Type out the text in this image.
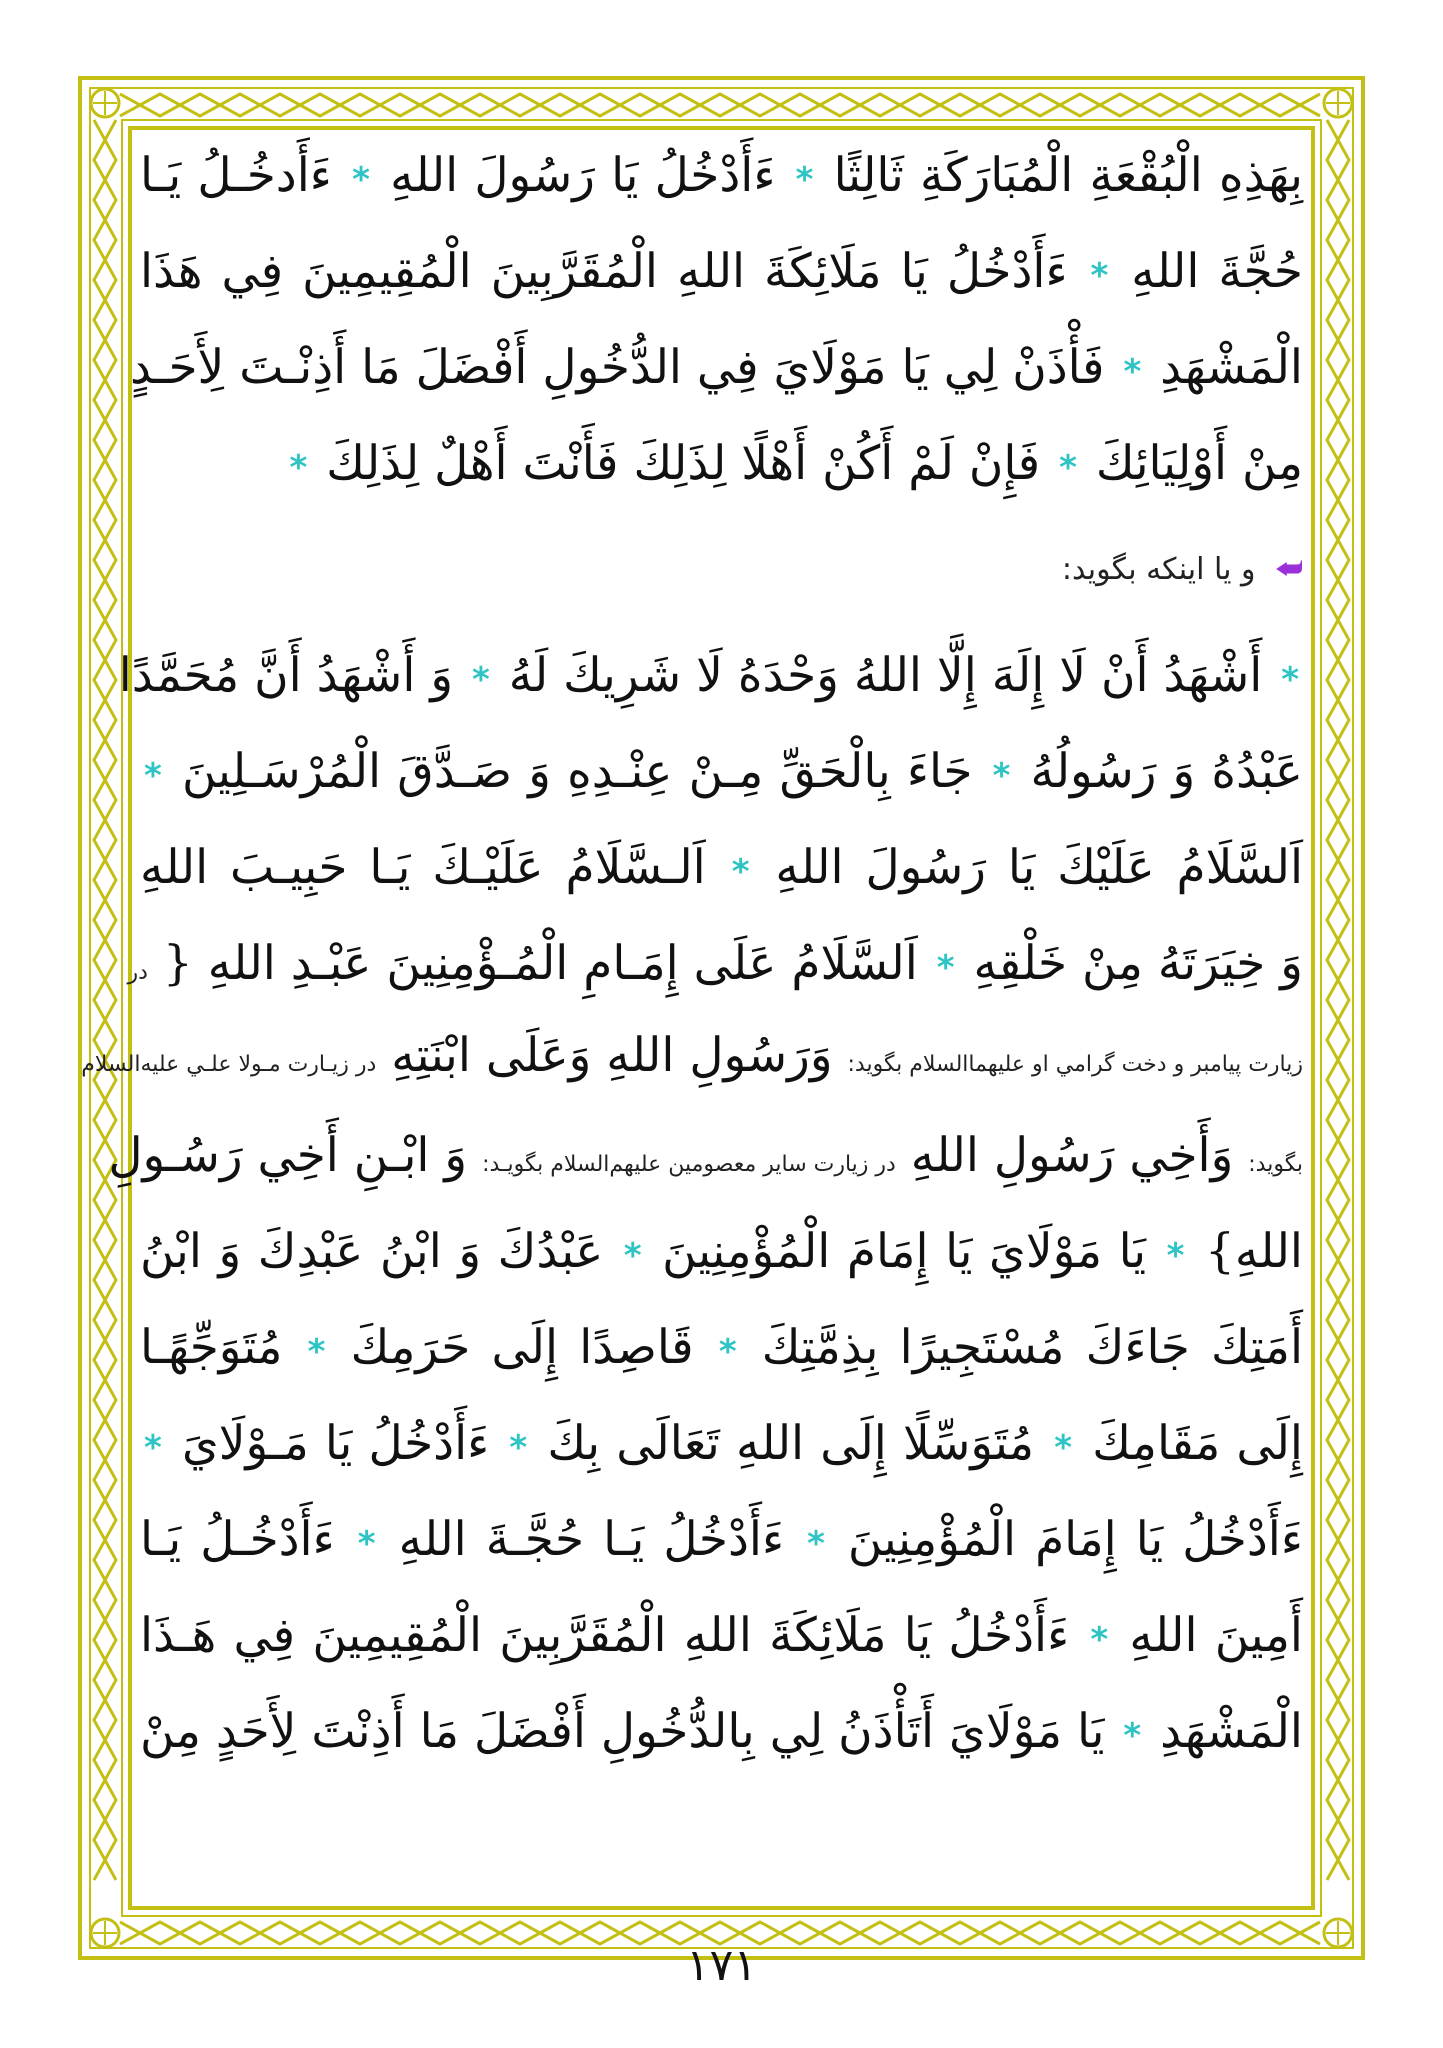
⮨ و يا اينكه بگويد:
بِهَذِهِ الْبُقْعَةِ الْمُبَارَكَةِ ثَالِثًا * ءَأَدْخُلُ يَا رَسُولَ اللهِ * ءَأَدخُـلُ يَـا
حُجَّةَ اللهِ * ءَأَدْخُلُ يَا مَلَائِكَةَ اللهِ الْمُقَرَّبِينَ الْمُقِيمِينَ فِي هَذَا
الْمَشْهَدِ * فَأْذَنْ لِي يَا مَوْلَايَ فِي الدُّخُولِ أَفْضَلَ مَا أَذِنْـتَ لِأَحَـدٍ
مِنْ أَوْلِيَائِكَ * فَإِنْ لَمْ أَكُنْ أَهْلًا لِذَلِكَ فَأَنْتَ أَهْلٌ لِذَلِكَ *
* أَشْهَدُ أَنْ لَا إِلَهَ إِلَّا اللهُ وَحْدَهُ لَا شَرِيكَ لَهُ * وَ أَشْهَدُ أَنَّ مُحَمَّدًا
عَبْدُهُ وَ رَسُولُهُ * جَاءَ بِالْحَقِّ مِـنْ عِنْـدِهِ وَ صَـدَّقَ الْمُرْسَـلِينَ *
اَلسَّلَامُ عَلَيْكَ يَا رَسُولَ اللهِ * اَلـسَّلَامُ عَلَيْـكَ يَـا حَبِيـبَ اللهِ
وَ خِيَرَتَهُ مِنْ خَلْقِهِ * اَلسَّلَامُ عَلَى إِمَـامِ الْمُـؤْمِنِينَ عَبْـدِ اللهِ { در
زيارت پيامبر و دخت گرامي او عليهماالسلام بگويد: وَرَسُولِ اللهِ وَعَلَى ابْنَتِهِ در زيـارت مـولا علـي عليه‌السلام
بگويد: وَأَخِي رَسُولِ اللهِ در زيارت ساير معصومين عليهم‌السلام بگويـد: وَ ابْـنِ أَخِي رَسُـولِ
اللهِ} * يَا مَوْلَايَ يَا إِمَامَ الْمُؤْمِنِينَ * عَبْدُكَ وَ ابْنُ عَبْدِكَ وَ ابْنُ
أَمَتِكَ جَاءَكَ مُسْتَجِيرًا بِذِمَّتِكَ * قَاصِدًا إِلَى حَرَمِكَ * مُتَوَجِّهًـا
إِلَى مَقَامِكَ * مُتَوَسِّلًا إِلَى اللهِ تَعَالَى بِكَ * ءَأَدْخُلُ يَا مَـوْلَايَ *
ءَأَدْخُلُ يَا إِمَامَ الْمُؤْمِنِينَ * ءَأَدْخُلُ يَـا حُجَّـةَ اللهِ * ءَأَدْخُـلُ يَـا
أَمِينَ اللهِ * ءَأَدْخُلُ يَا مَلَائِكَةَ اللهِ الْمُقَرَّبِينَ الْمُقِيمِينَ فِي هَـذَا
الْمَشْهَدِ * يَا مَوْلَايَ أَتَأْذَنُ لِي بِالدُّخُولِ أَفْضَلَ مَا أَذِنْتَ لِأَحَدٍ مِنْ
١٧١
